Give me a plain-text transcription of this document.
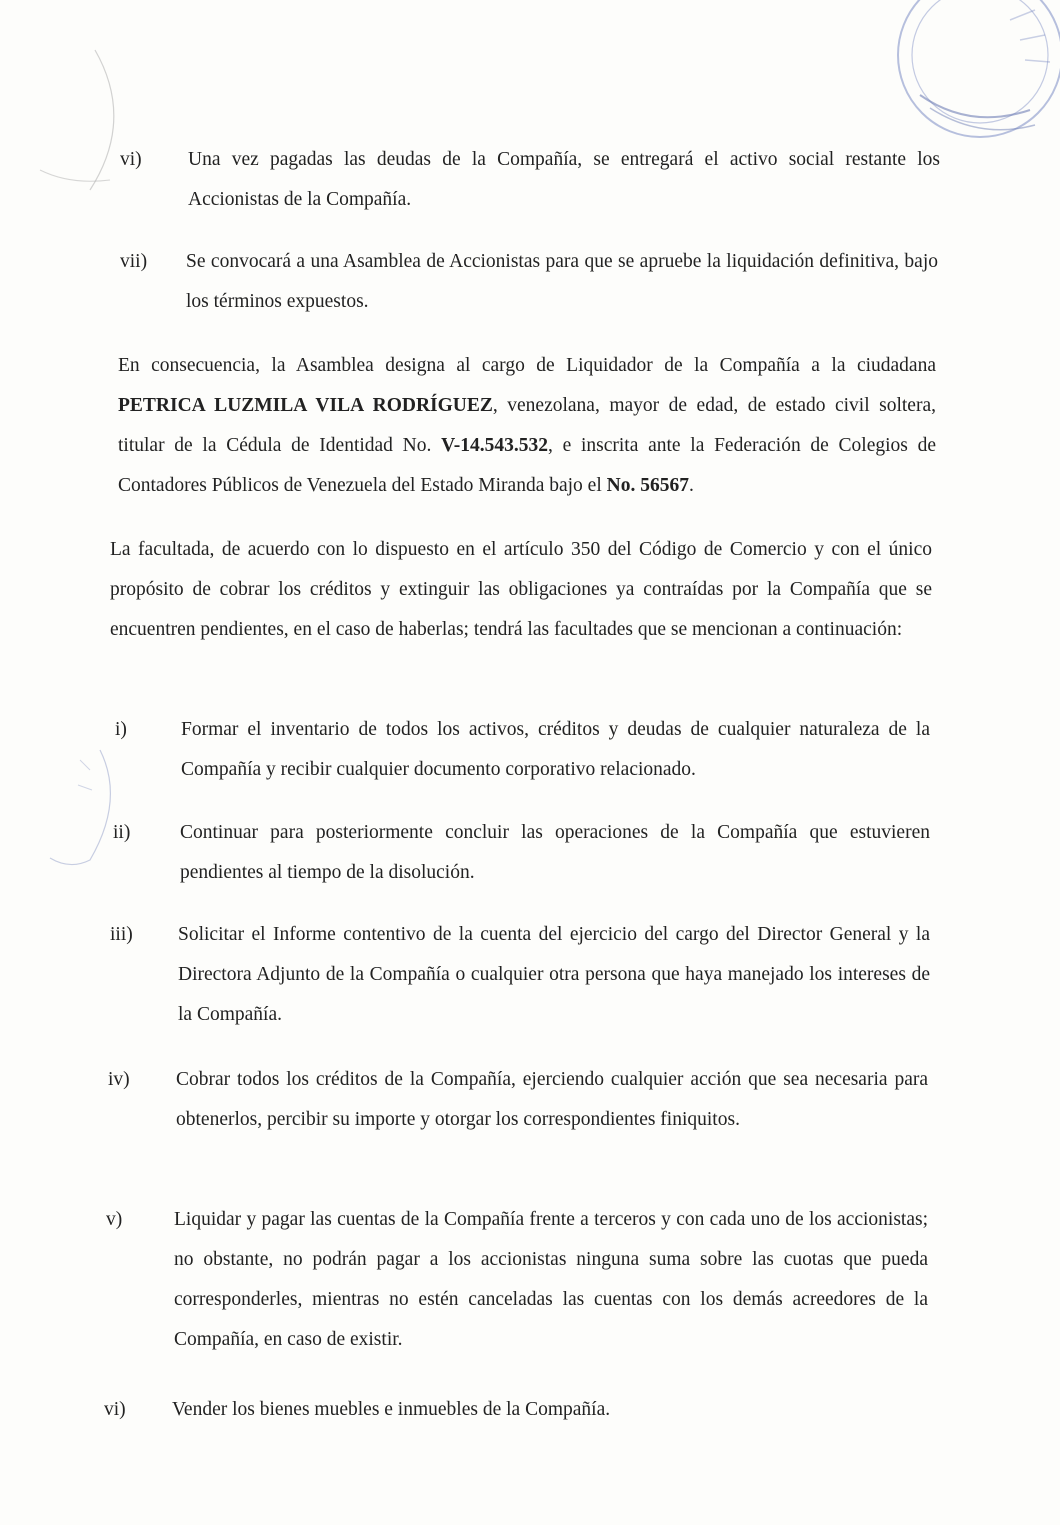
vi) Una vez pagadas las deudas de la Compañía, se entregará el activo social restante los Accionistas de la Compañía.
vii) Se convocará a una Asamblea de Accionistas para que se apruebe la liquidación definitiva, bajo los términos expuestos.
En consecuencia, la Asamblea designa al cargo de Liquidador de la Compañía a la ciudadana PETRICA LUZMILA VILA RODRÍGUEZ, venezolana, mayor de edad, de estado civil soltera, titular de la Cédula de Identidad No. V-14.543.532, e inscrita ante la Federación de Colegios de Contadores Públicos de Venezuela del Estado Miranda bajo el No. 56567.
La facultada, de acuerdo con lo dispuesto en el artículo 350 del Código de Comercio y con el único propósito de cobrar los créditos y extinguir las obligaciones ya contraídas por la Compañía que se encuentren pendientes, en el caso de haberlas; tendrá las facultades que se mencionan a continuación:
i)	Formar el inventario de todos los activos, créditos y deudas de cualquier naturaleza de la Compañía y recibir cualquier documento corporativo relacionado.
ii)	Continuar para posteriormente concluir las operaciones de la Compañía que estuvieren pendientes al tiempo de la disolución.
iii) Solicitar el Informe contentivo de la cuenta del ejercicio del cargo del Director General y la Directora Adjunto de la Compañía o cualquier otra persona que haya manejado los intereses de la Compañía.
iv) Cobrar todos los créditos de la Compañía, ejerciendo cualquier acción que sea necesaria para obtenerlos, percibir su importe y otorgar los correspondientes finiquitos.
v)	Liquidar y pagar las cuentas de la Compañía frente a terceros y con cada uno de los accionistas; no obstante, no podrán pagar a los accionistas ninguna suma sobre las cuotas que pueda corresponderles, mientras no estén canceladas las cuentas con los demás acreedores de la Compañía, en caso de existir.
vi) Vender los bienes muebles e inmuebles de la Compañía.
